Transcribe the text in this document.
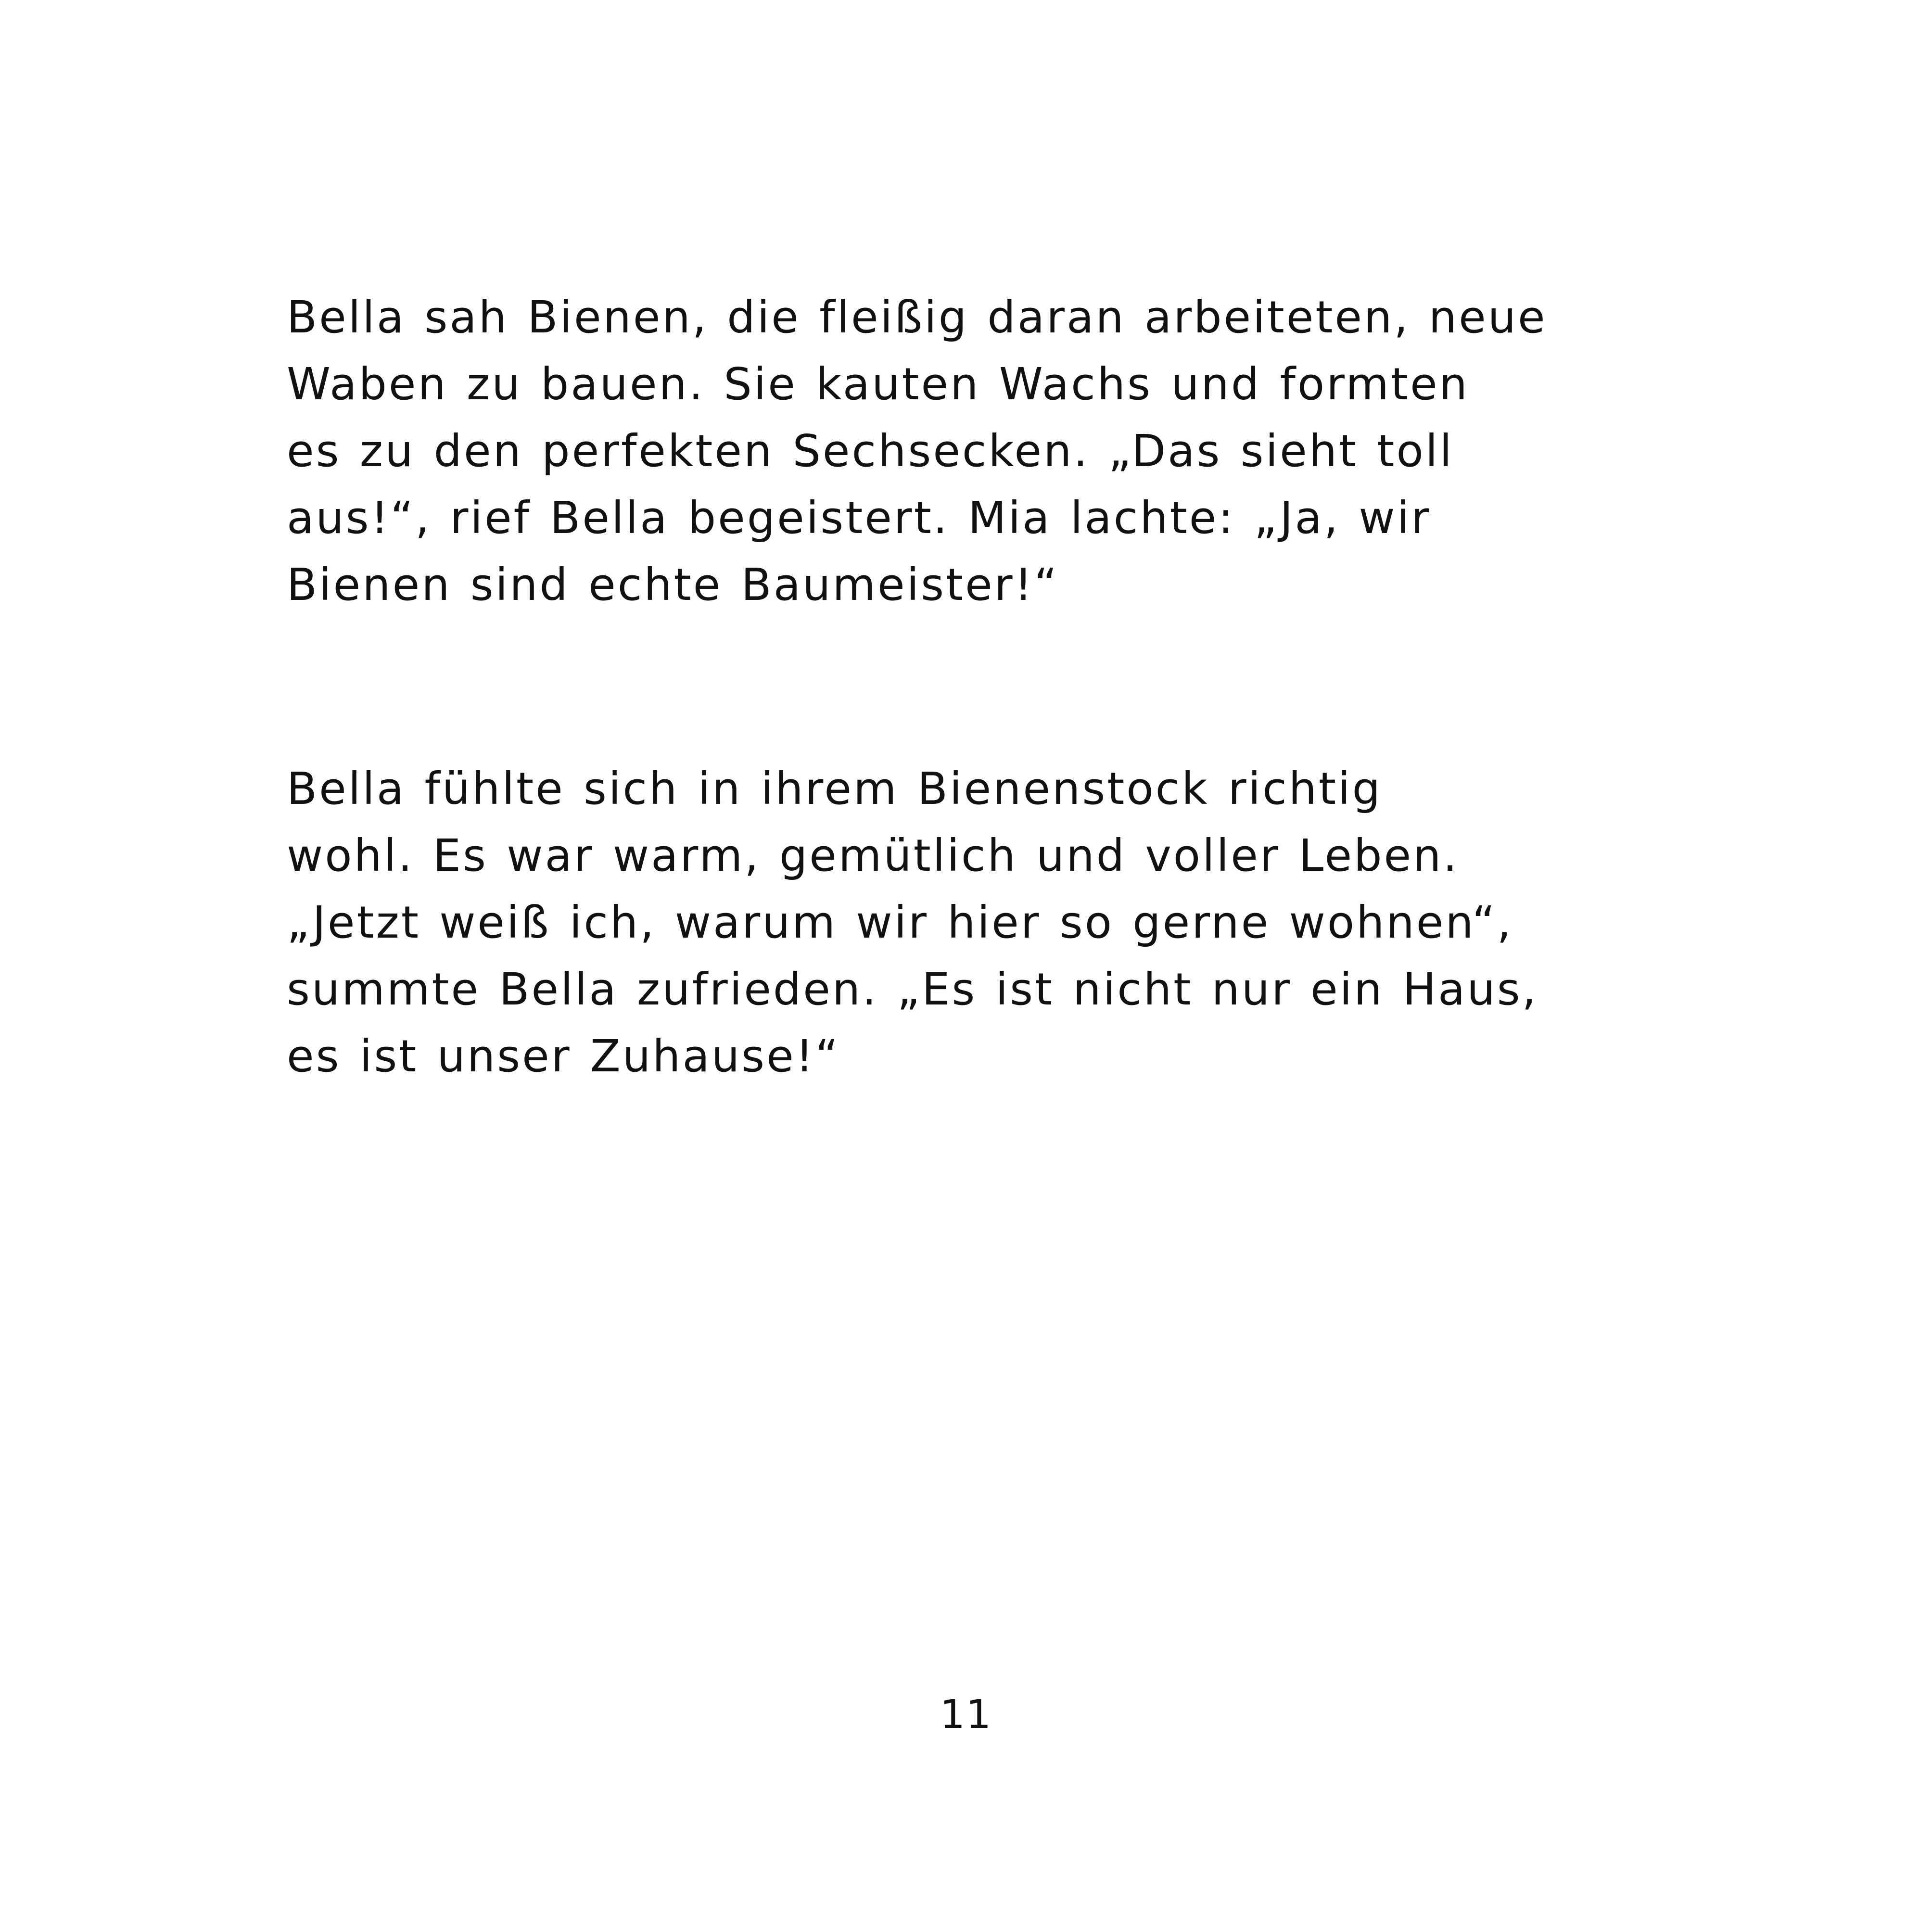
Bella sah Bienen, die fleißig daran arbeiteten, neue
Waben zu bauen. Sie kauten Wachs und formten
es zu den perfekten Sechsecken. „Das sieht toll
aus!“, rief Bella begeistert. Mia lachte: „Ja, wir
Bienen sind echte Baumeister!“

Bella fühlte sich in ihrem Bienenstock richtig
wohl. Es war warm, gemütlich und voller Leben.
„Jetzt weiß ich, warum wir hier so gerne wohnen“,
summte Bella zufrieden. „Es ist nicht nur ein Haus,
es ist unser Zuhause!“

11
